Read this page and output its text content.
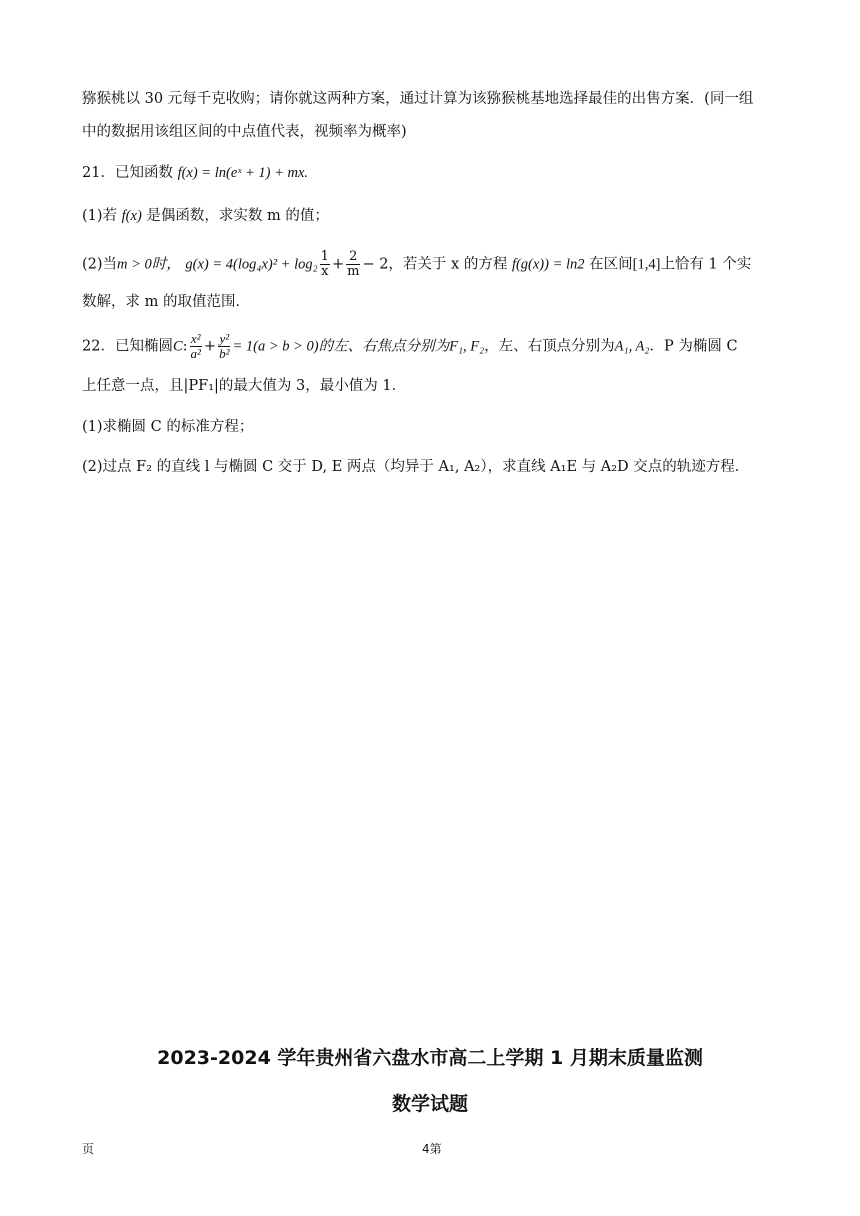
猕猴桃以 30 元每千克收购；请你就这两种方案，通过计算为该猕猴桃基地选择最佳的出售方案．(同一组
中的数据用该组区间的中点值代表，视频率为概率)
21．已知函数 f(x) = ln(eˣ + 1) + mx.
(1)若 f(x) 是偶函数，求实数 m 的值；
(2)当m > 0时， $g(x) = 4(\log_4x)^2 + \log_2 \frac{1}{x} + \frac{2}{m} - 2$，若关于 x 的方程 f(g(x)) = ln2 在区间[1,4]上恰有 1 个实
数解，求 m 的取值范围．
22．已知椭圆C: $\frac{\text{x²}}{\text{a²}} + \frac{\text{y²}}{\text{b²}} = 1(a > b > 0)$的左、右焦点分别为F₁, F₂，左、右顶点分别为A₁, A₂．P 为椭圆 C
上任意一点，且|PF₁|的最大值为 3，最小值为 1．
(1)求椭圆 C 的标准方程；
(2)过点 F₂ 的直线 l 与椭圆 C 交于 D, E 两点（均异于 A₁, A₂），求直线 A₁E 与 A₂D 交点的轨迹方程．
2023-2024 学年贵州省六盘水市高二上学期 1 月期末质量监测
数学试题
页	4第
